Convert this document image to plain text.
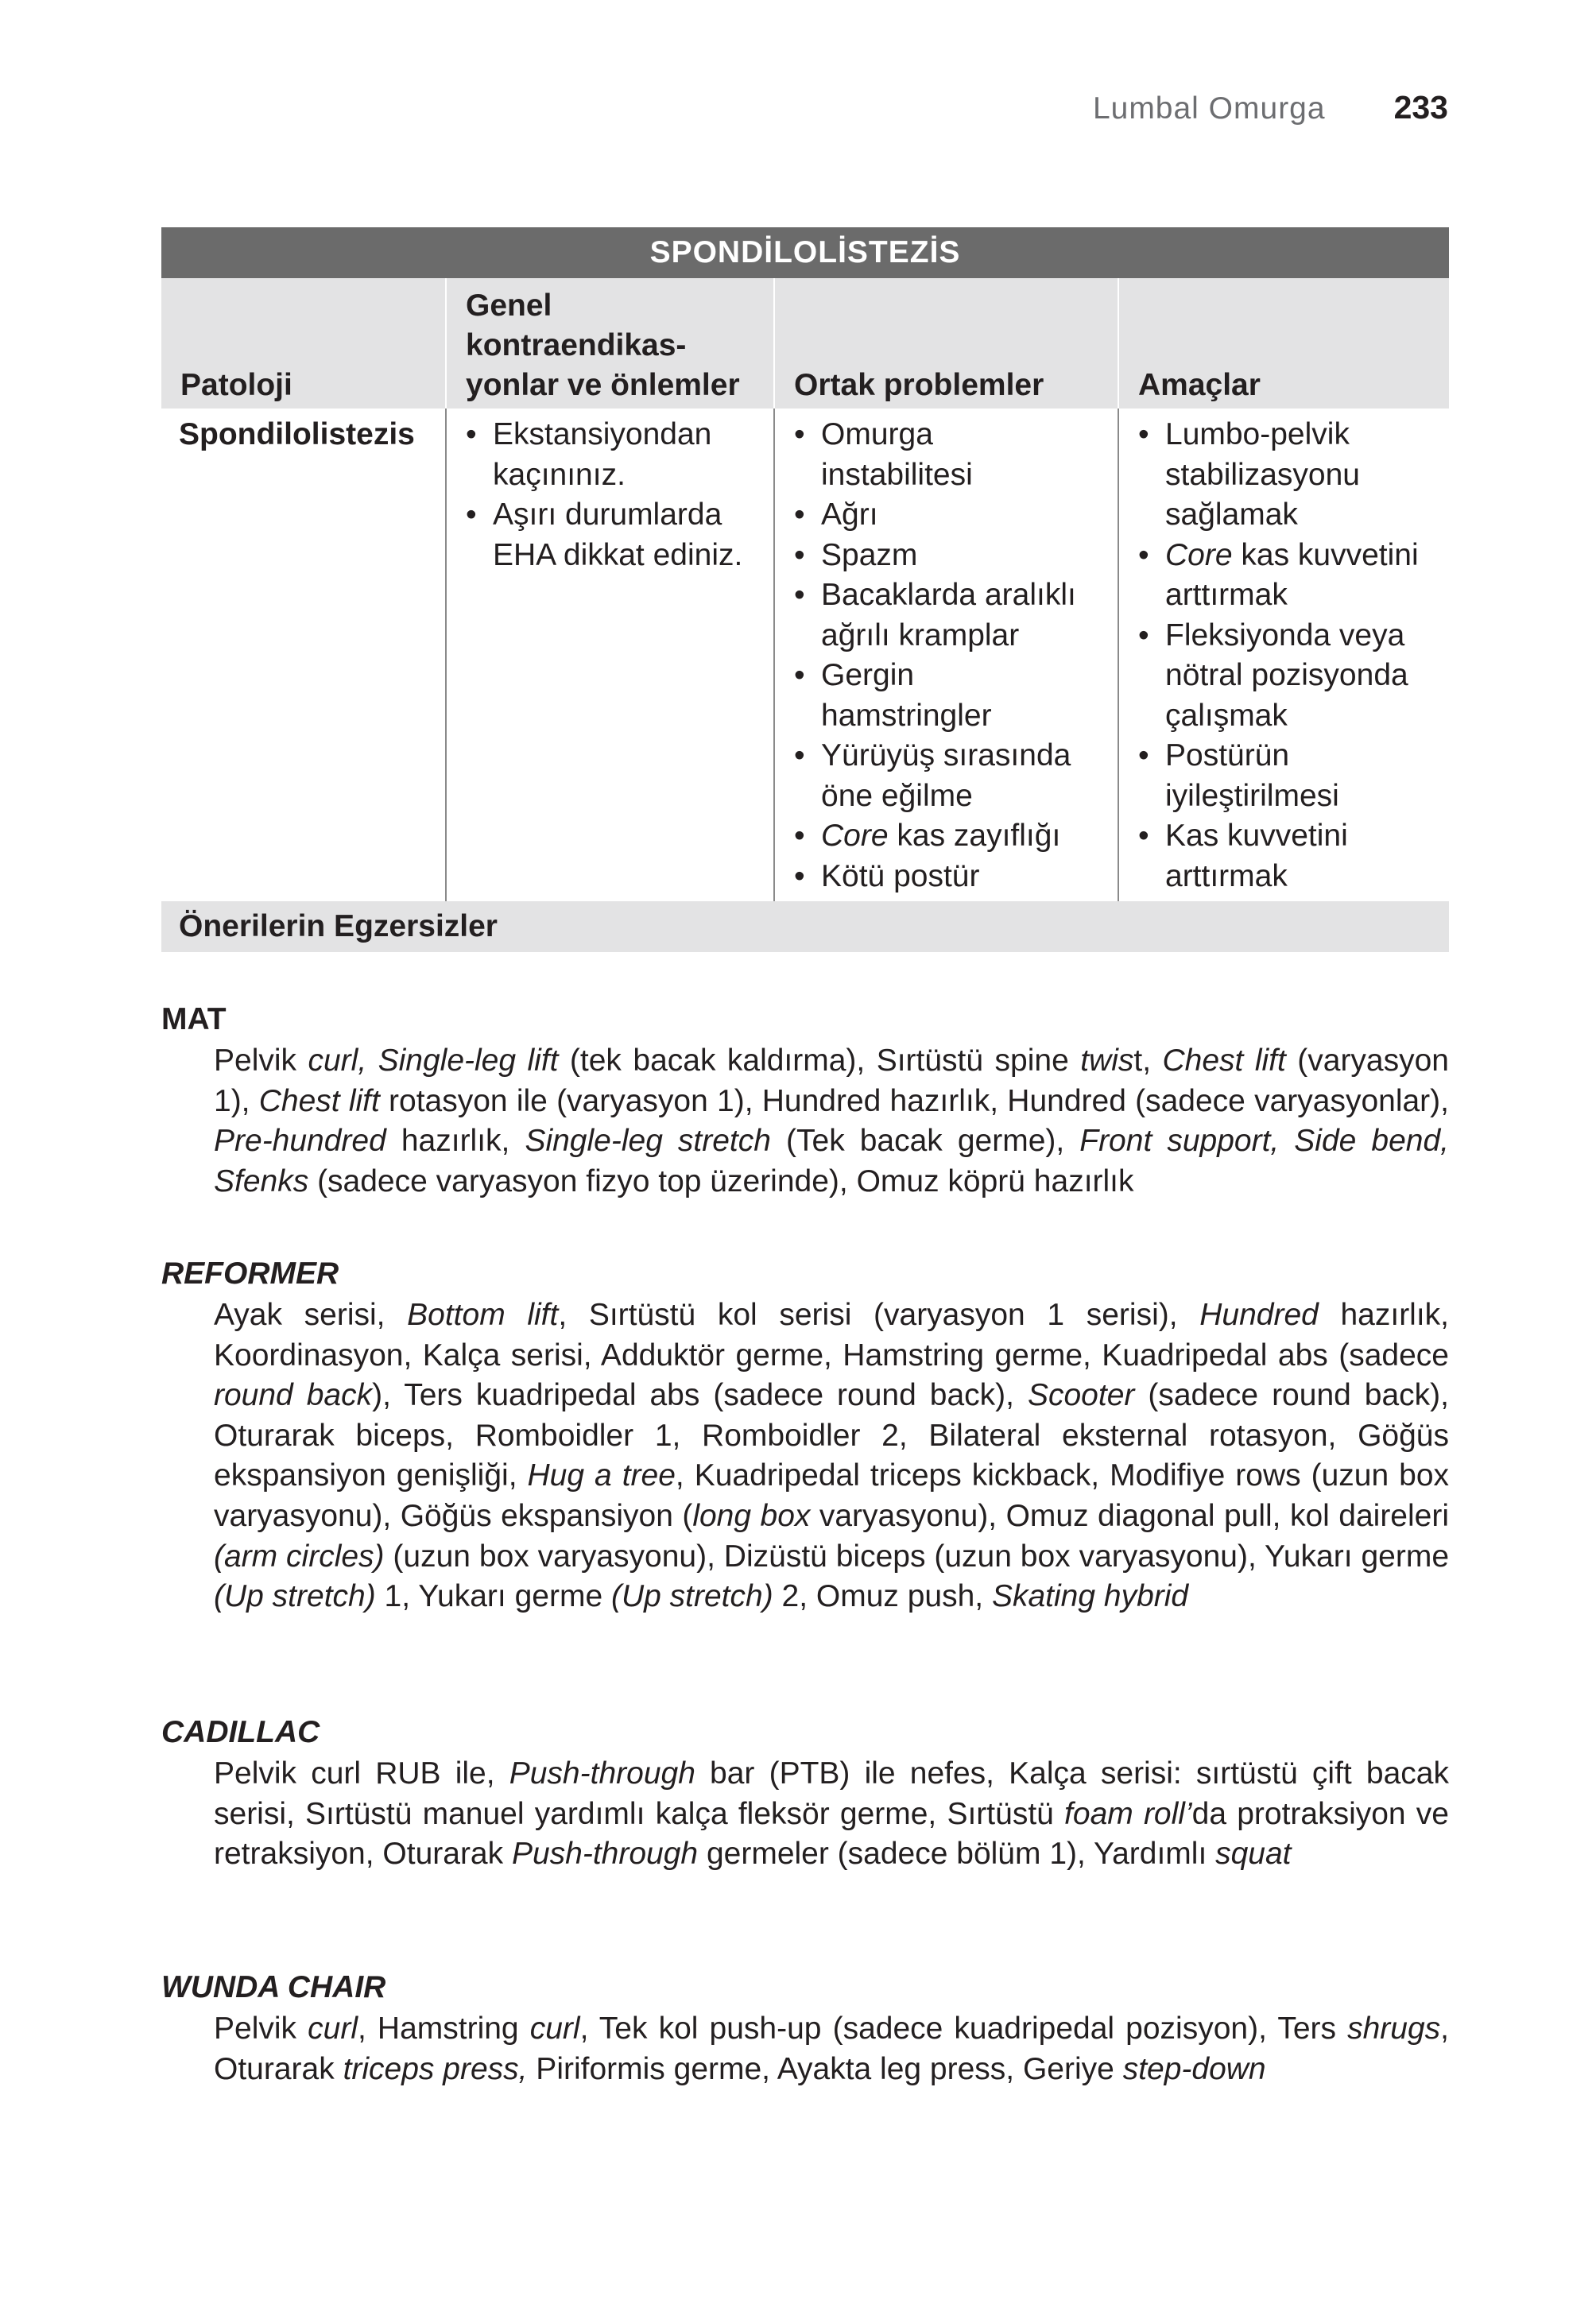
Lumbal Omurga 233
SPONDİLOLİSTEZİS
Patoloji
Genel
kontraendikas-
yonlar ve önlemler	Ortak problemler	Amaçlar
Spondilolistezis
•	Ekstansiyondan
kaçınınız.
• Aşırı durumlarda
EHA dikkat ediniz.
• Omurga
instabilitesi
• Ağrı
• Spazm
• Bacaklarda aralıklı
ağrılı kramplar
• Gergin
hamstringler
• Yürüyüş sırasında
öne eğilme
• Core kas zayıflığı
• Kötü postür
• Lumbo-pelvik
stabilizasyonu
sağlamak
• Core kas kuvvetini
arttırmak
• Fleksiyonda veya
nötral pozisyonda
çalışmak
• Postürün
iyileştirilmesi
• Kas kuvvetini
arttırmak
Önerilerin Egzersizler
MAT

Pelvik curl, Single-leg lift (tek bacak kaldırma), Sırtüstü spine twist, Chest lift (varyasyon 1), Chest lift rotasyon ile (varyasyon 1), Hundred hazırlık, Hundred (sadece varyasyonlar), Pre-hundred hazırlık, Single-leg stretch (Tek bacak germe), Front support, Side bend, Sfenks (sadece varyasyon fizyo top üzerinde), Omuz köprü hazırlık

REFORMER

Ayak serisi, Bottom lift, Sırtüstü kol serisi (varyasyon 1 serisi), Hundred hazırlık, Koordinasyon, Kalça serisi, Adduktör germe, Hamstring germe, Kuadripedal abs (sadece round back), Ters kuadripedal abs (sadece round back), Scooter (sadece round back), Oturarak biceps, Romboidler 1, Romboidler 2, Bilateral eksternal rotasyon, Göğüs ekspansiyon genişliği, Hug a tree, Kuadripedal triceps kickback, Modifiye rows (uzun box varyasyonu), Göğüs ekspansiyon (long box varyasyonu), Omuz diagonal pull, kol daireleri (arm circles) (uzun box varyasyonu), Dizüstü biceps (uzun box varyasyonu), Yukarı germe (Up stretch) 1, Yukarı germe (Up stretch) 2, Omuz push, Skating hybrid

CADILLAC

Pelvik curl RUB ile, Push-through bar (PTB) ile nefes, Kalça serisi: sırtüstü çift bacak serisi, Sırtüstü manuel yardımlı kalça fleksör germe, Sırtüstü foam roll’da protraksiyon ve retraksiyon, Oturarak Push-through germeler (sadece bölüm 1), Yardımlı squat

WUNDA CHAIR

Pelvik curl, Hamstring curl, Tek kol push-up (sadece kuadripedal pozisyon), Ters shrugs, Oturarak triceps press, Piriformis germe, Ayakta leg press, Geriye step-down
